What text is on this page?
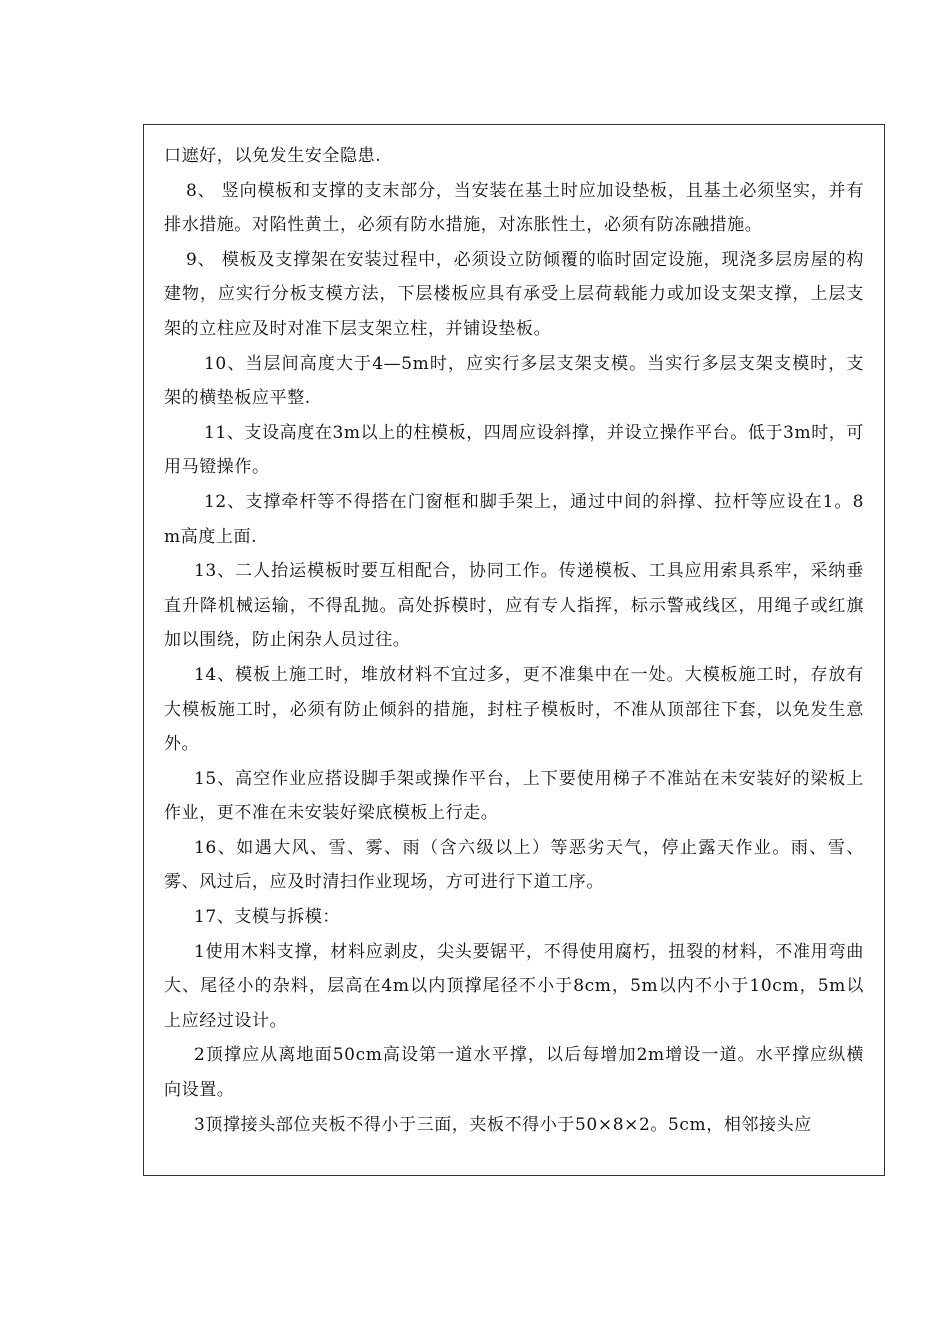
口遮好，以免发生安全隐患.

8、 竖向模板和支撑的支末部分，当安装在基土时应加设垫板，且基土必须坚实，并有排水措施。对陷性黄土，必须有防水措施，对冻胀性土，必须有防冻融措施。

9、 模板及支撑架在安装过程中，必须设立防倾覆的临时固定设施，现浇多层房屋的构建物，应实行分板支模方法，下层楼板应具有承受上层荷载能力或加设支架支撑，上层支架的立柱应及时对准下层支架立柱，并铺设垫板。

10、当层间高度大于4—5m时，应实行多层支架支模。当实行多层支架支模时，支架的横垫板应平整.

11、支设高度在3m以上的柱模板，四周应设斜撑，并设立操作平台。低于3m时，可用马镫操作。

12、支撑牵杆等不得搭在门窗框和脚手架上，通过中间的斜撑、拉杆等应设在1。8m高度上面.

13、二人抬运模板时要互相配合，协同工作。传递模板、工具应用索具系牢，采纳垂直升降机械运输，不得乱抛。高处拆模时，应有专人指挥，标示警戒线区，用绳子或红旗加以围绕，防止闲杂人员过往。

14、模板上施工时，堆放材料不宜过多，更不准集中在一处。大模板施工时，存放有大模板施工时，必须有防止倾斜的措施，封柱子模板时，不准从顶部往下套，以免发生意外。

15、高空作业应搭设脚手架或操作平台，上下要使用梯子不准站在未安装好的梁板上作业，更不准在未安装好梁底模板上行走。

16、如遇大风、雪、雾、雨（含六级以上）等恶劣天气，停止露天作业。雨、雪、雾、风过后，应及时清扫作业现场，方可进行下道工序。

17、支模与拆模：

1使用木料支撑，材料应剥皮，尖头要锯平，不得使用腐朽，扭裂的材料，不准用弯曲大、尾径小的杂料，层高在4m以内顶撑尾径不小于8cm，5m以内不小于10cm，5m以上应经过设计。

2顶撑应从离地面50cm高设第一道水平撑，以后每增加2m增设一道。水平撑应纵横向设置。

3顶撑接头部位夹板不得小于三面，夹板不得小于50×8×2。5cm，相邻接头应
